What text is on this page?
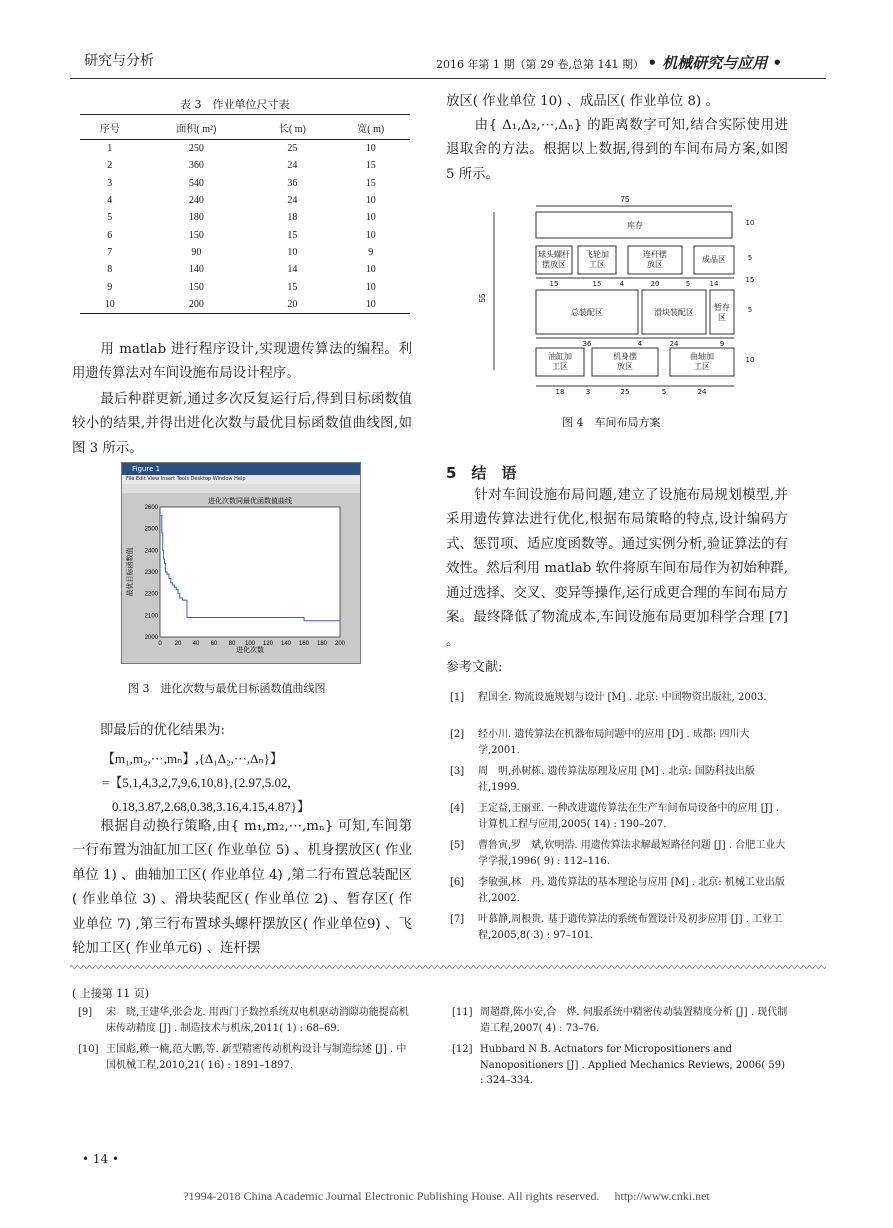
研究与分析	2016 年第 1 期（第 29 卷,总第 141 期） • 机械研究与应用 •
表 3　作业单位尺寸表
序号	面积( m²)	长( m)	宽( m)
1	250	25	10
2	360	24	15
3	540	36	15
4	240	24	10
5	180	18	10
6	150	15	10
7	90	10	9
8	140	14	10
9	150	15	10
10	200	20	10
用 matlab 进行程序设计,实现遗传算法的编程。利用遗传算法对车间设施布局设计程序。
最后种群更新,通过多次反复运行后,得到目标函数值较小的结果,并得出进化次数与最优目标函数值曲线图,如图 3 所示。
Figure 1
File Edit View Insert Tools Desktop Window Help
进化次数同最优函数值曲线
2600
2500
2400
2300
2200
2100
2000
0 20 40 60 80 100 120 140 160 180 200
进化次数
最优目标函数值
图 3　进化次数与最优目标函数值曲线图
即最后的优化结果为:
【m₁,m₂,⋯,mₙ】,{Δ₁Δ₂,⋯,Δₙ}】
=【5,1,4,3,2,7,9,6,10,8},{2.97,5.02,
0.18,3.87,2.68,0.38,3.16,4.15,4.87}】
根据自动换行策略,由{ m₁,m₂,⋯,mₙ} 可知,车间第一行布置为油缸加工区( 作业单位 5) 、机身摆放区( 作业单位 1) 、曲轴加工区( 作业单位 4) ,第二行布置总装配区( 作业单位 3) 、滑块装配区( 作业单位 2) 、暂存区( 作业单位 7) ,第三行布置球头螺杆摆放区( 作业单位9) 、飞轮加工区( 作业单元6) 、连杆摆
放区( 作业单位 10) 、成品区( 作业单位 8) 。
由{ Δ₁,Δ₂,⋯,Δₙ} 的距离数字可知,结合实际使用进退取舍的方法。根据以上数据,得到的车间布局方案,如图 5 所示。
75
55
库存
球头螺杆
摆放区
飞轮加
工区
连杆摆
放区
成品区
15	15	4	20	5	14
总装配区	滑块装配区
暂存
区
36	4	24	9
油缸加
工区
机身摆
放区
曲轴加
工区
18	3	25	5	24
10
5
15
5
10
图 4　车间布局方案
5　结　语
针对车间设施布局问题,建立了设施布局规划模型,并采用遗传算法进行优化,根据布局策略的特点,设计编码方式、惩罚项、适应度函数等。通过实例分析,验证算法的有效性。然后利用 matlab 软件将原车间布局作为初始种群,通过选择、交叉、变异等操作,运行成更合理的车间布局方案。最终降低了物流成本,车间设施布局更加科学合理 [7] 。
参考文献:
[1] 程国全. 物流设施规划与设计 [M] . 北京: 中国物资出版社, 2003.
[2] 经小川. 遗传算法在机器布局问题中的应用 [D] . 成都: 四川大学,2001.
[3] 周　明,孙树栋. 遗传算法原理及应用 [M] . 北京: 国防科技出版社,1999.
[4] 王定益,王丽亚. 一种改进遗传算法在生产车间布局设备中的应用 [J] . 计算机工程与应用,2005( 14) : 190–207.
[5] 曹鲁寅,罗　斌,钦明浩. 用遗传算法求解最短路径问题 [J] . 合肥工业大学学报,1996( 9) : 112–116.
[6] 李敏强,林　丹. 遗传算法的基本理论与应用 [M] . 北京: 机械工业出版社,2002.
[7] 叶慕静,周根贵. 基于遗传算法的系统布置设计及初步应用 [J] . 工业工程,2005,8( 3) : 97–101.
( 上接第 11 页)
[9] 宋　晓,王建华,张会龙. 用西门子数控系统双电机驱动消隙功能提高机床传动精度 [J] . 制造技术与机床,2011( 1) : 68–69.
[10] 王国彪,赖一楠,范大鹏,等. 新型精密传动机构设计与制造综述 [J] . 中国机械工程,2010,21( 16) : 1891–1897.
[11] 周超群,陈小安,合　烨. 伺服系统中精密传动装置精度分析 [J] . 现代制造工程,2007( 4) : 73–76.
[12] Hubbard N B. Actuators for Micropositioners and Nanopositioners [J] . Applied Mechanics Reviews, 2006( 59) : 324–334.
• 14 •
?1994-2018 China Academic Journal Electronic Publishing House. All rights reserved.　 http://www.cnki.net
